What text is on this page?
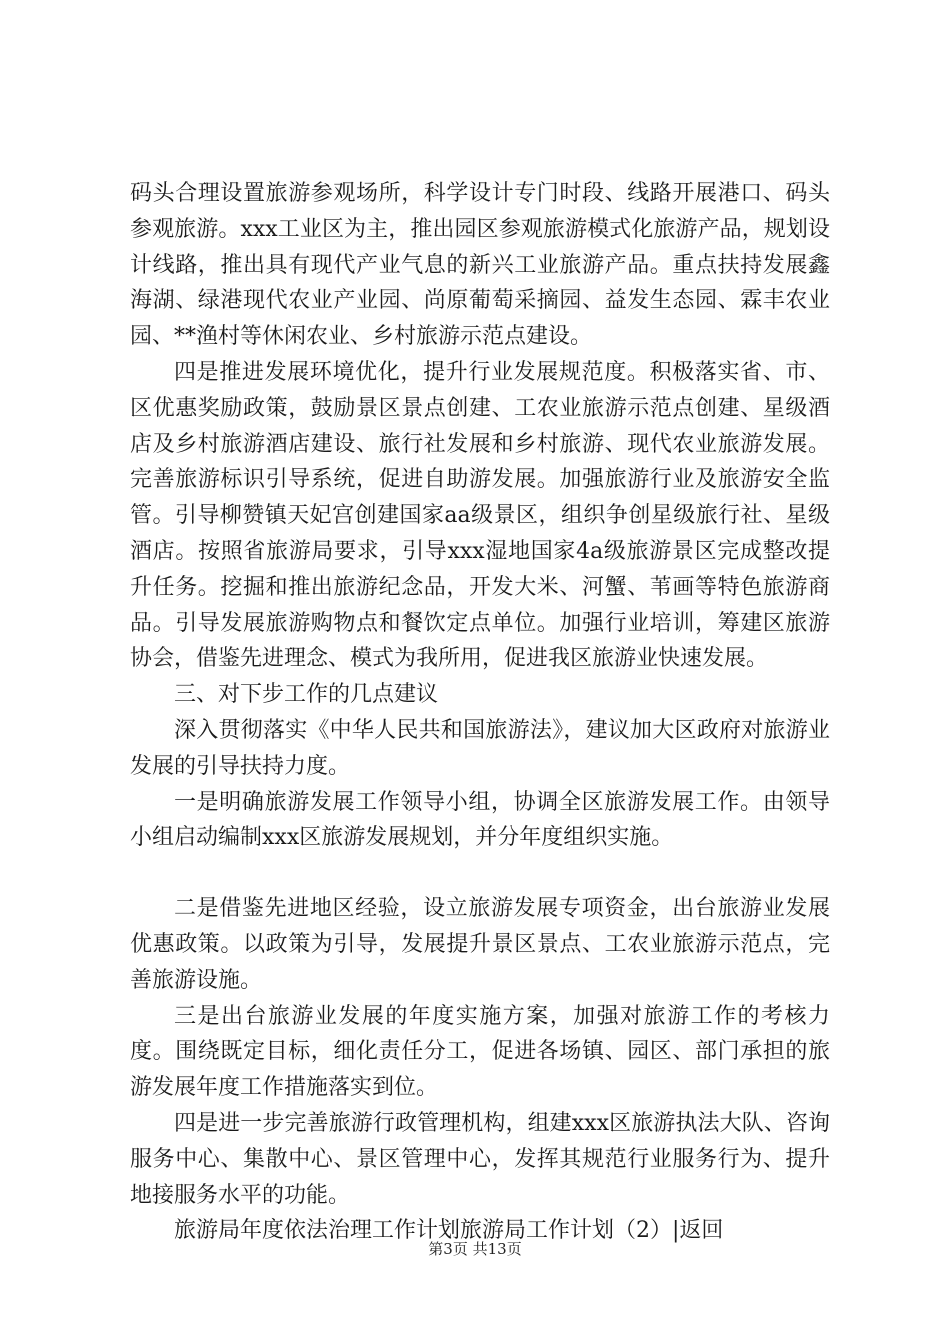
码头合理设置旅游参观场所，科学设计专门时段、线路开展港口、码头参观旅游。xxx工业区为主，推出园区参观旅游模式化旅游产品，规划设计线路，推出具有现代产业气息的新兴工业旅游产品。重点扶持发展鑫海湖、绿港现代农业产业园、尚原葡萄采摘园、益发生态园、霖丰农业园、**渔村等休闲农业、乡村旅游示范点建设。

四是推进发展环境优化，提升行业发展规范度。积极落实省、市、区优惠奖励政策，鼓励景区景点创建、工农业旅游示范点创建、星级酒店及乡村旅游酒店建设、旅行社发展和乡村旅游、现代农业旅游发展。完善旅游标识引导系统，促进自助游发展。加强旅游行业及旅游安全监管。引导柳赞镇天妃宫创建国家aa级景区，组织争创星级旅行社、星级酒店。按照省旅游局要求，引导xxx湿地国家4a级旅游景区完成整改提升任务。挖掘和推出旅游纪念品，开发大米、河蟹、苇画等特色旅游商品。引导发展旅游购物点和餐饮定点单位。加强行业培训，筹建区旅游协会，借鉴先进理念、模式为我所用，促进我区旅游业快速发展。

三、对下步工作的几点建议

深入贯彻落实《中华人民共和国旅游法》，建议加大区政府对旅游业发展的引导扶持力度。

一是明确旅游发展工作领导小组，协调全区旅游发展工作。由领导小组启动编制xxx区旅游发展规划，并分年度组织实施。

二是借鉴先进地区经验，设立旅游发展专项资金，出台旅游业发展优惠政策。以政策为引导，发展提升景区景点、工农业旅游示范点，完善旅游设施。

三是出台旅游业发展的年度实施方案，加强对旅游工作的考核力度。围绕既定目标，细化责任分工，促进各场镇、园区、部门承担的旅游发展年度工作措施落实到位。

四是进一步完善旅游行政管理机构，组建xxx区旅游执法大队、咨询服务中心、集散中心、景区管理中心，发挥其规范行业服务行为、提升地接服务水平的功能。

旅游局年度依法治理工作计划旅游局工作计划（2）|返回

第3页 共13页
